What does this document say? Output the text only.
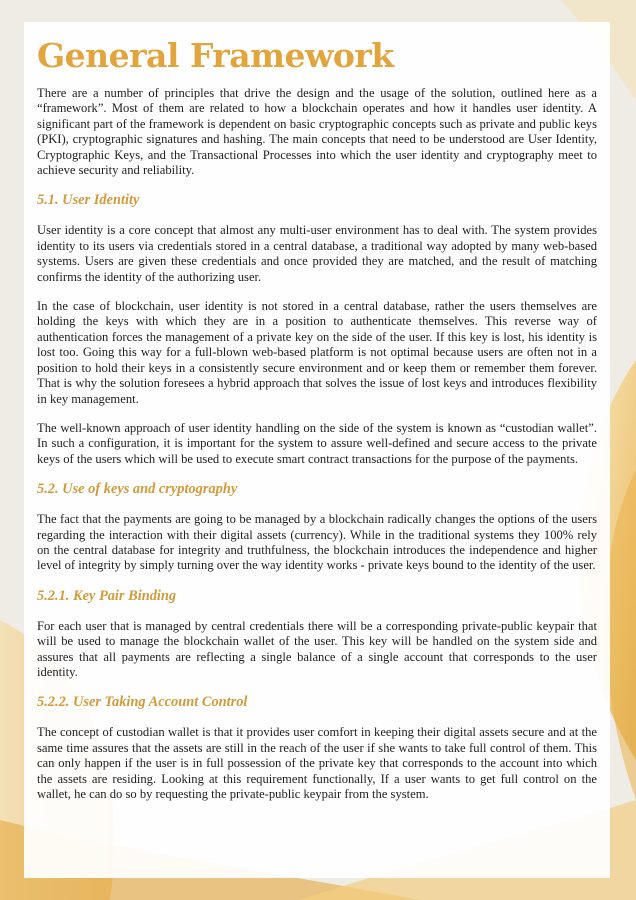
General Framework

There are a number of principles that drive the design and the usage of the solution, outlined here as a “framework”. Most of them are related to how a blockchain operates and how it handles user identity. A significant part of the framework is dependent on basic cryptographic concepts such as private and public keys (PKI), cryptographic signatures and hashing. The main concepts that need to be understood are User Identity, Cryptographic Keys, and the Transactional Processes into which the user identity and cryptography meet to achieve security and reliability.

5.1. User Identity

User identity is a core concept that almost any multi-user environment has to deal with. The system provides identity to its users via credentials stored in a central database, a traditional way adopted by many web-based systems. Users are given these credentials and once provided they are matched, and the result of matching confirms the identity of the authorizing user.

In the case of blockchain, user identity is not stored in a central database, rather the users themselves are holding the keys with which they are in a position to authenticate themselves. This reverse way of authentication forces the management of a private key on the side of the user. If this key is lost, his identity is lost too. Going this way for a full-blown web-based platform is not optimal because users are often not in a position to hold their keys in a consistently secure environment and or keep them or remember them forever. That is why the solution foresees a hybrid approach that solves the issue of lost keys and introduces flexibility in key management.

The well-known approach of user identity handling on the side of the system is known as “custodian wallet”. In such a configuration, it is important for the system to assure well-defined and secure access to the private keys of the users which will be used to execute smart contract transactions for the purpose of the payments.

5.2. Use of keys and cryptography

The fact that the payments are going to be managed by a blockchain radically changes the options of the users regarding the interaction with their digital assets (currency). While in the traditional systems they 100% rely on the central database for integrity and truthfulness, the blockchain introduces the independence and higher level of integrity by simply turning over the way identity works - private keys bound to the identity of the user.

5.2.1. Key Pair Binding

For each user that is managed by central credentials there will be a corresponding private-public keypair that will be used to manage the blockchain wallet of the user. This key will be handled on the system side and assures that all payments are reflecting a single balance of a single account that corresponds to the user identity.

5.2.2. User Taking Account Control

The concept of custodian wallet is that it provides user comfort in keeping their digital assets secure and at the same time assures that the assets are still in the reach of the user if she wants to take full control of them. This can only happen if the user is in full possession of the private key that corresponds to the account into which the assets are residing. Looking at this requirement functionally, If a user wants to get full control on the wallet, he can do so by requesting the private-public keypair from the system.
